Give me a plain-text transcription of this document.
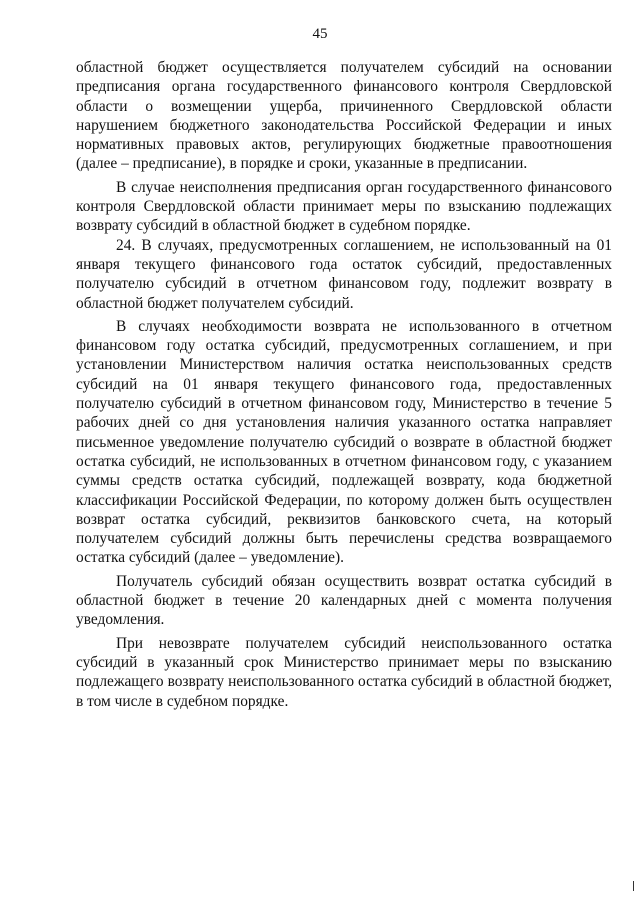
45

областной бюджет осуществляется получателем субсидий на основании предписания органа государственного финансового контроля Свердловской области о возмещении ущерба, причиненного Свердловской области нарушением бюджетного законодательства Российской Федерации и иных нормативных правовых актов, регулирующих бюджетные правоотношения (далее – предписание), в порядке и сроки, указанные в предписании.

В случае неисполнения предписания орган государственного финансового контроля Свердловской области принимает меры по взысканию подлежащих возврату субсидий в областной бюджет в судебном порядке.

24. В случаях, предусмотренных соглашением, не использованный на 01 января текущего финансового года остаток субсидий, предоставленных получателю субсидий в отчетном финансовом году, подлежит возврату в областной бюджет получателем субсидий.

В случаях необходимости возврата не использованного в отчетном финансовом году остатка субсидий, предусмотренных соглашением, и при установлении Министерством наличия остатка неиспользованных средств субсидий на 01 января текущего финансового года, предоставленных получателю субсидий в отчетном финансовом году, Министерство в течение 5 рабочих дней со дня установления наличия указанного остатка направляет письменное уведомление получателю субсидий о возврате в областной бюджет остатка субсидий, не использованных в отчетном финансовом году, с указанием суммы средств остатка субсидий, подлежащей возврату, кода бюджетной классификации Российской Федерации, по которому должен быть осуществлен возврат остатка субсидий, реквизитов банковского счета, на который получателем субсидий должны быть перечислены средства возвращаемого остатка субсидий (далее – уведомление).

Получатель субсидий обязан осуществить возврат остатка субсидий в областной бюджет в течение 20 календарных дней с момента получения уведомления.

При невозврате получателем субсидий неиспользованного остатка субсидий в указанный срок Министерство принимает меры по взысканию подлежащего возврату неиспользованного остатка субсидий в областной бюджет, в том числе в судебном порядке.
